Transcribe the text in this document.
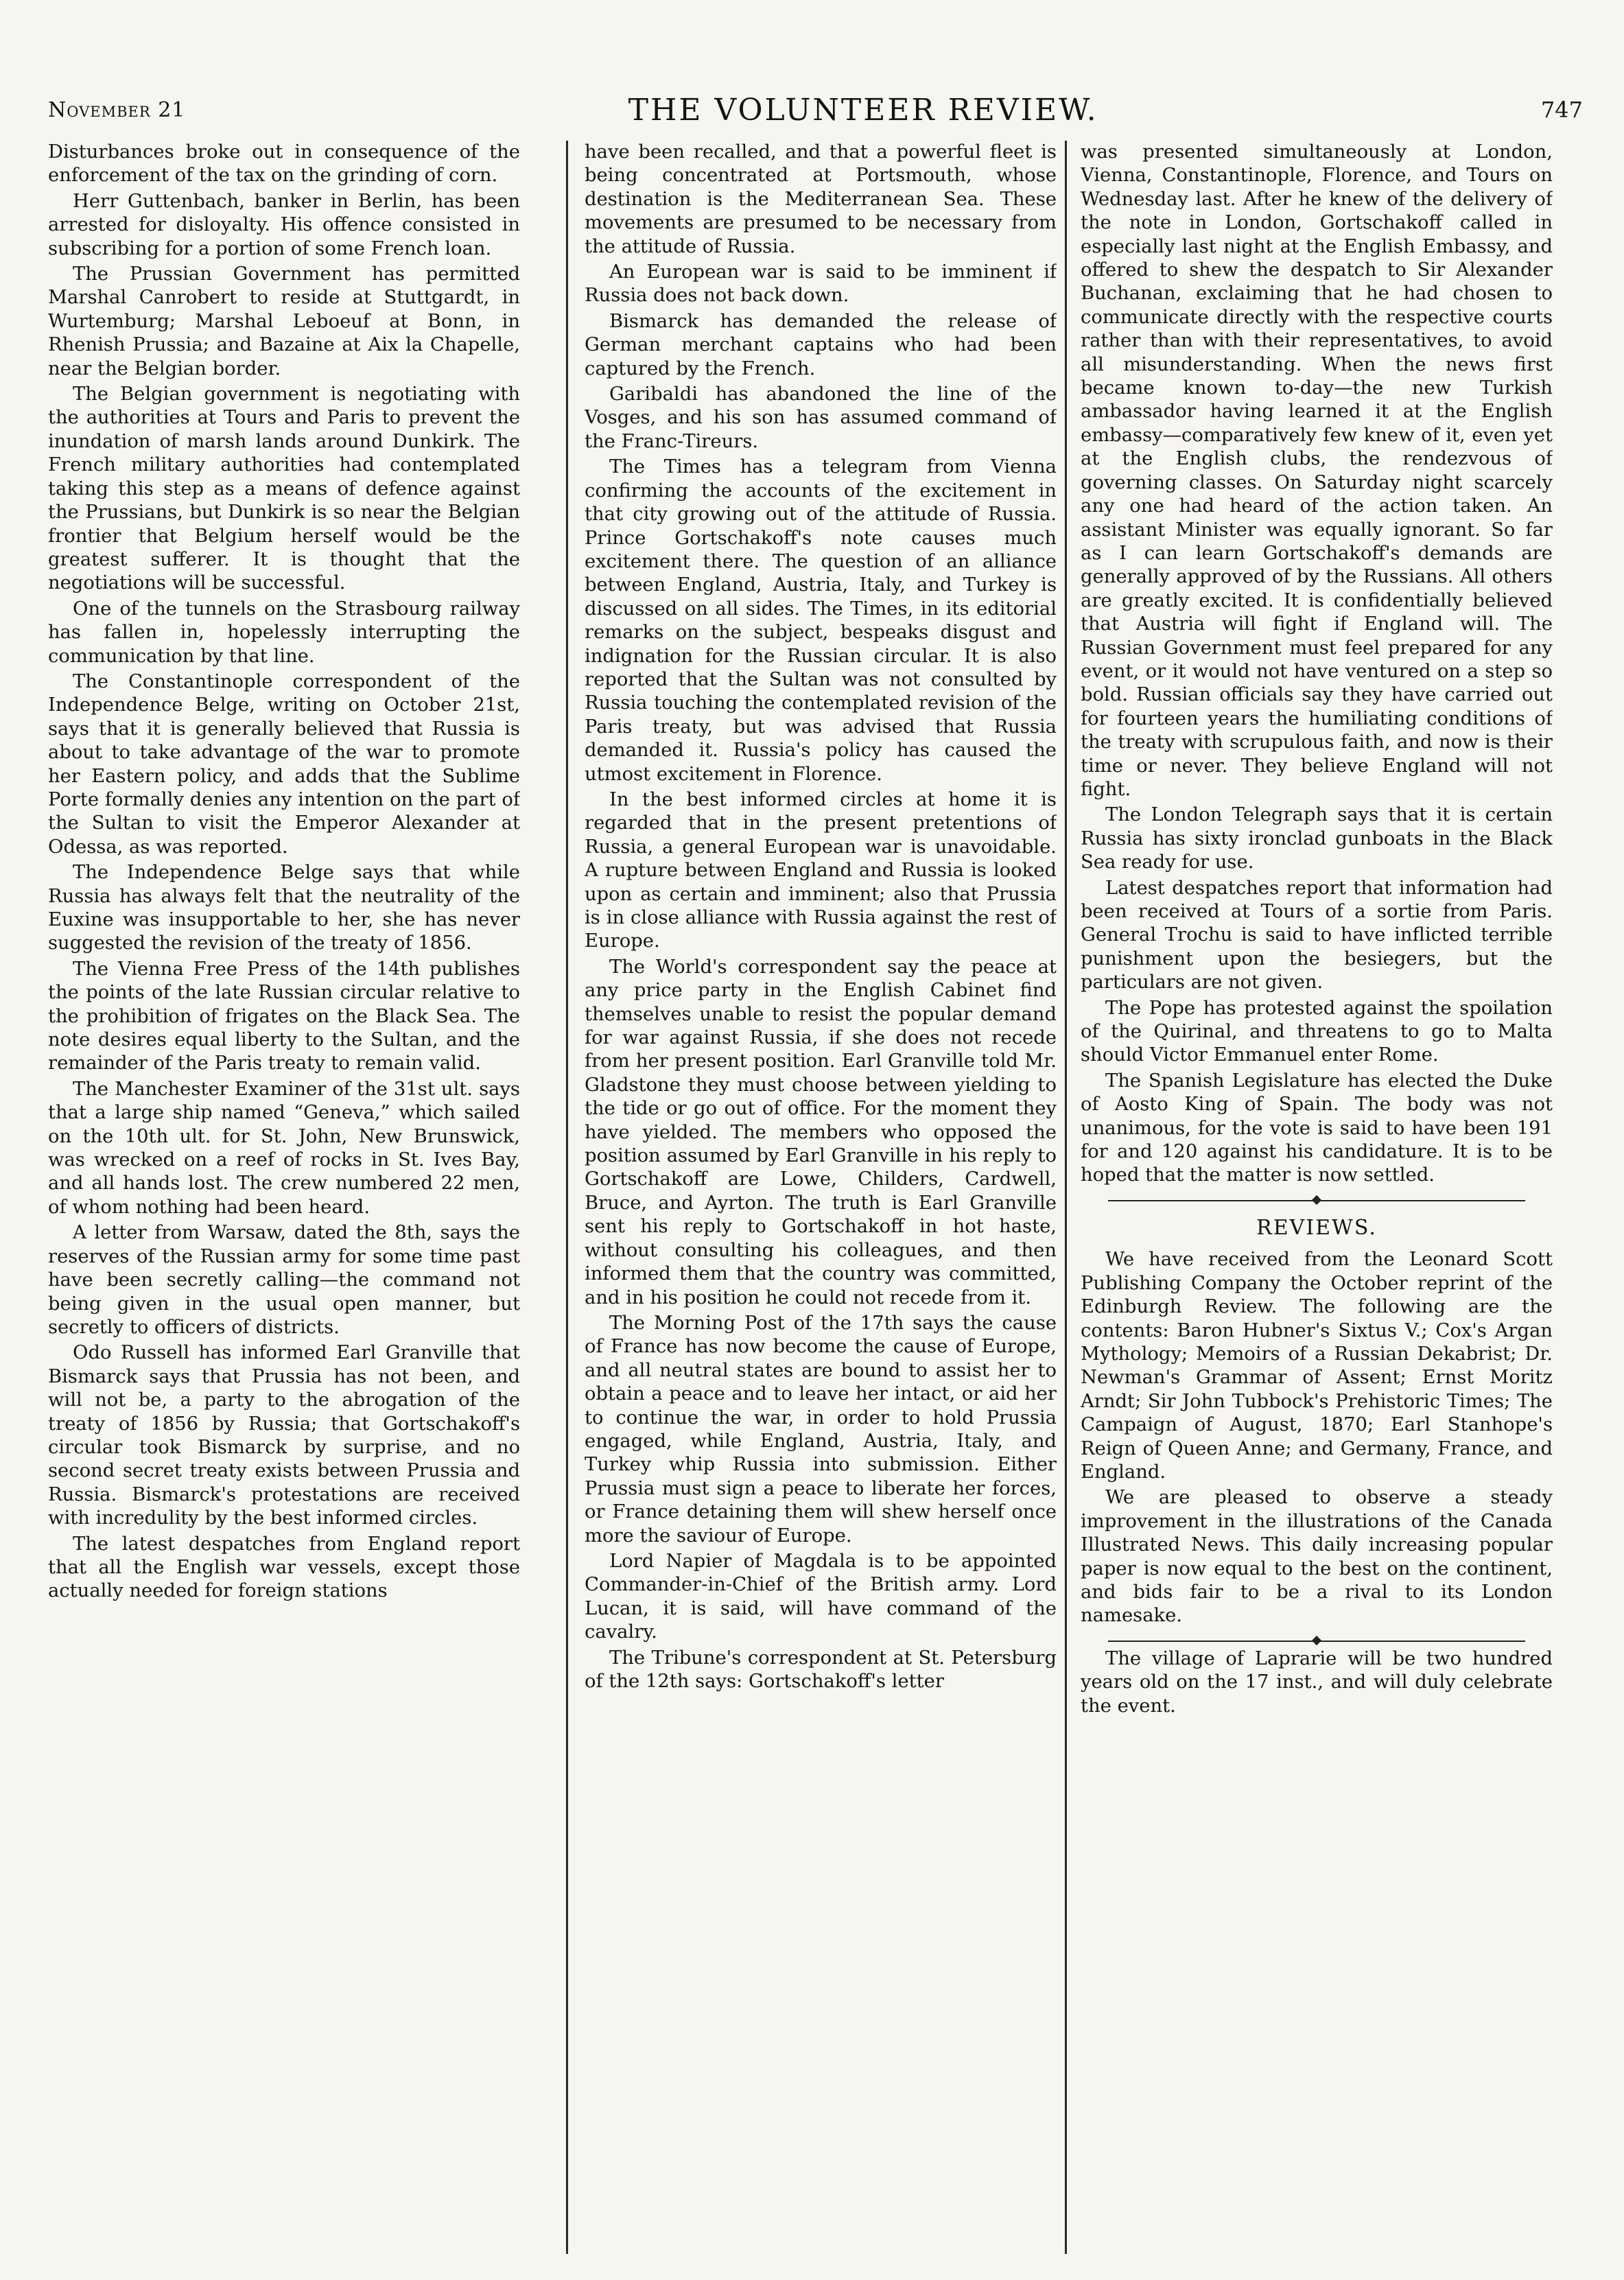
November 21	THE VOLUNTEER REVIEW.	747

Disturbances broke out in consequence of the enforcement of the tax on the grinding of corn.

Herr Guttenbach, banker in Berlin, has been arrested for disloyalty. His offence consisted in subscribing for a portion of some French loan.

The Prussian Government has permitted Marshal Canrobert to reside at Stuttgardt, in Wurtemburg; Marshal Leboeuf at Bonn, in Rhenish Prussia; and Bazaine at Aix la Chapelle, near the Belgian border.

The Belgian government is negotiating with the authorities at Tours and Paris to prevent the inundation of marsh lands around Dunkirk. The French military authorities had contemplated taking this step as a means of defence against the Prussians, but Dunkirk is so near the Belgian frontier that Belgium herself would be the greatest sufferer. It is thought that the negotiations will be successful.

One of the tunnels on the Strasbourg railway has fallen in, hopelessly interrupting the communication by that line.

The Constantinople correspondent of the Independence Belge, writing on October 21st, says that it is generally believed that Russia is about to take advantage of the war to promote her Eastern policy, and adds that the Sublime Porte formally denies any intention on the part of the Sultan to visit the Emperor Alexander at Odessa, as was reported.

The Independence Belge says that while Russia has always felt that the neutrality of the Euxine was insupportable to her, she has never suggested the revision of the treaty of 1856.

The Vienna Free Press of the 14th publishes the points of the late Russian circular relative to the prohibition of frigates on the Black Sea. The note desires equal liberty to the Sultan, and the remainder of the Paris treaty to remain valid.

The Manchester Examiner of the 31st ult. says that a large ship named “Geneva,” which sailed on the 10th ult. for St. John, New Brunswick, was wrecked on a reef of rocks in St. Ives Bay, and all hands lost. The crew numbered 22 men, of whom nothing had been heard.

A letter from Warsaw, dated the 8th, says the reserves of the Russian army for some time past have been secretly calling—the command not being given in the usual open manner, but secretly to officers of districts.

Odo Russell has informed Earl Granville that Bismarck says that Prussia has not been, and will not be, a party to the abrogation of the treaty of 1856 by Russia; that Gortschakoff's circular took Bismarck by surprise, and no second secret treaty exists between Prussia and Russia. Bismarck's protestations are received with incredulity by the best informed circles.

The latest despatches from England report that all the English war vessels, except those actually needed for foreign stations

have been recalled, and that a powerful fleet is being concentrated at Portsmouth, whose destination is the Mediterranean Sea. These movements are presumed to be necessary from the attitude of Russia.

An European war is said to be imminent if Russia does not back down.

Bismarck has demanded the release of German merchant captains who had been captured by the French.

Garibaldi has abandoned the line of the Vosges, and his son has assumed command of the Franc-Tireurs.

The Times has a telegram from Vienna confirming the accounts of the excitement in that city growing out of the attitude of Russia. Prince Gortschakoff's note causes much excitement there. The question of an alliance between England, Austria, Italy, and Turkey is discussed on all sides. The Times, in its editorial remarks on the subject, bespeaks disgust and indignation for the Russian circular. It is also reported that the Sultan was not consulted by Russia touching the contemplated revision of the Paris treaty, but was advised that Russia demanded it. Russia's policy has caused the utmost excitement in Florence.

In the best informed circles at home it is regarded that in the present pretentions of Russia, a general European war is unavoidable. A rupture between England and Russia is looked upon as certain and imminent; also that Prussia is in close alliance with Russia against the rest of Europe.

The World's correspondent say the peace at any price party in the English Cabinet find themselves unable to resist the popular demand for war against Russia, if she does not recede from her present position. Earl Granville told Mr. Gladstone they must choose between yielding to the tide or go out of office. For the moment they have yielded. The members who opposed the position assumed by Earl Granville in his reply to Gortschakoff are Lowe, Childers, Cardwell, Bruce, and Ayrton. The truth is Earl Granville sent his reply to Gortschakoff in hot haste, without consulting his colleagues, and then informed them that the country was committed, and in his position he could not recede from it.

The Morning Post of the 17th says the cause of France has now become the cause of Europe, and all neutral states are bound to assist her to obtain a peace and to leave her intact, or aid her to continue the war, in order to hold Prussia engaged, while England, Austria, Italy, and Turkey whip Russia into submission. Either Prussia must sign a peace to liberate her forces, or France detaining them will shew herself once more the saviour of Europe.

Lord Napier of Magdala is to be appointed Commander-in-Chief of the British army. Lord Lucan, it is said, will have command of the cavalry.

The Tribune's correspondent at St. Petersburg of the 12th says: Gortschakoff's letter

was presented simultaneously at London, Vienna, Constantinople, Florence, and Tours on Wednesday last. After he knew of the delivery of the note in London, Gortschakoff called in especially last night at the English Embassy, and offered to shew the despatch to Sir Alexander Buchanan, exclaiming that he had chosen to communicate directly with the respective courts rather than with their representatives, to avoid all misunderstanding. When the news first became known to-day—the new Turkish ambassador having learned it at the English embassy—comparatively few knew of it, even yet at the English clubs, the rendezvous of governing classes. On Saturday night scarcely any one had heard of the action taken. An assistant Minister was equally ignorant. So far as I can learn Gortschakoff's demands are generally approved of by the Russians. All others are greatly excited. It is confidentially believed that Austria will fight if England will. The Russian Government must feel prepared for any event, or it would not have ventured on a step so bold. Russian officials say they have carried out for fourteen years the humiliating conditions of the treaty with scrupulous faith, and now is their time or never. They believe England will not fight.

The London Telegraph says that it is certain Russia has sixty ironclad gunboats in the Black Sea ready for use.

Latest despatches report that information had been received at Tours of a sortie from Paris. General Trochu is said to have inflicted terrible punishment upon the besiegers, but the particulars are not given.

The Pope has protested against the spoilation of the Quirinal, and threatens to go to Malta should Victor Emmanuel enter Rome.

The Spanish Legislature has elected the Duke of Aosto King of Spain. The body was not unanimous, for the vote is said to have been 191 for and 120 against his candidature. It is to be hoped that the matter is now settled.

REVIEWS.

We have received from the Leonard Scott Publishing Company the October reprint of the Edinburgh Review. The following are the contents: Baron Hubner's Sixtus V.; Cox's Argan Mythology; Memoirs of a Russian Dekabrist; Dr. Newman's Grammar of Assent; Ernst Moritz Arndt; Sir John Tubbock's Prehistoric Times; The Campaign of August, 1870; Earl Stanhope's Reign of Queen Anne; and Germany, France, and England.

We are pleased to observe a steady improvement in the illustrations of the Canada Illustrated News. This daily increasing popular paper is now equal to the best on the continent, and bids fair to be a rival to its London namesake.

The village of Laprarie will be two hundred years old on the 17 inst., and will duly celebrate the event.
